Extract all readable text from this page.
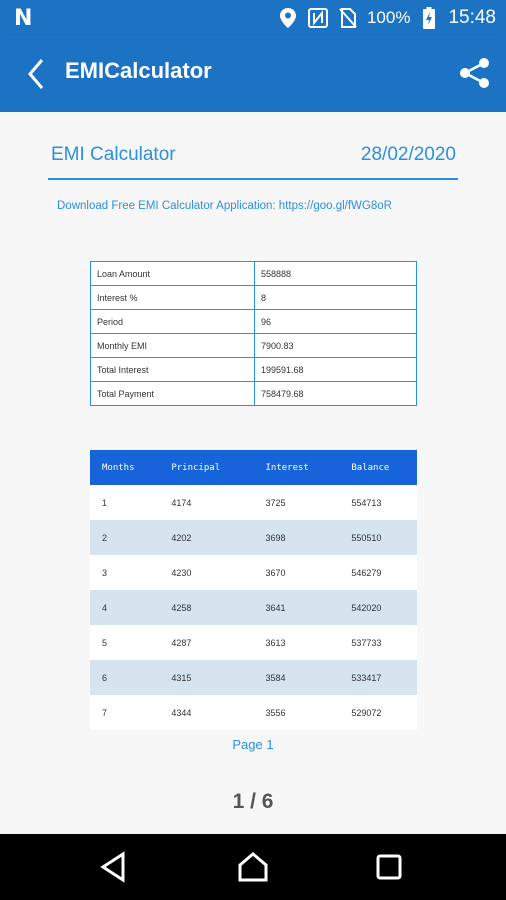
N	100% 15:48
EMICalculator
EMI Calculator	28/02/2020
Download Free EMI Calculator Application: https://goo.gl/fWG8oR
Loan Amount	558888
Interest %	8
Period	96
Monthly EMI	7900.83
Total Interest	199591.68
Total Payment	758479.68
Months	Principal	Interest	Balance
1	4174	3725	554713
2	4202	3698	550510
3	4230	3670	546279
4	4258	3641	542020
5	4287	3613	537733
6	4315	3584	533417
7	4344	3556	529072
Page 1
1 / 6
